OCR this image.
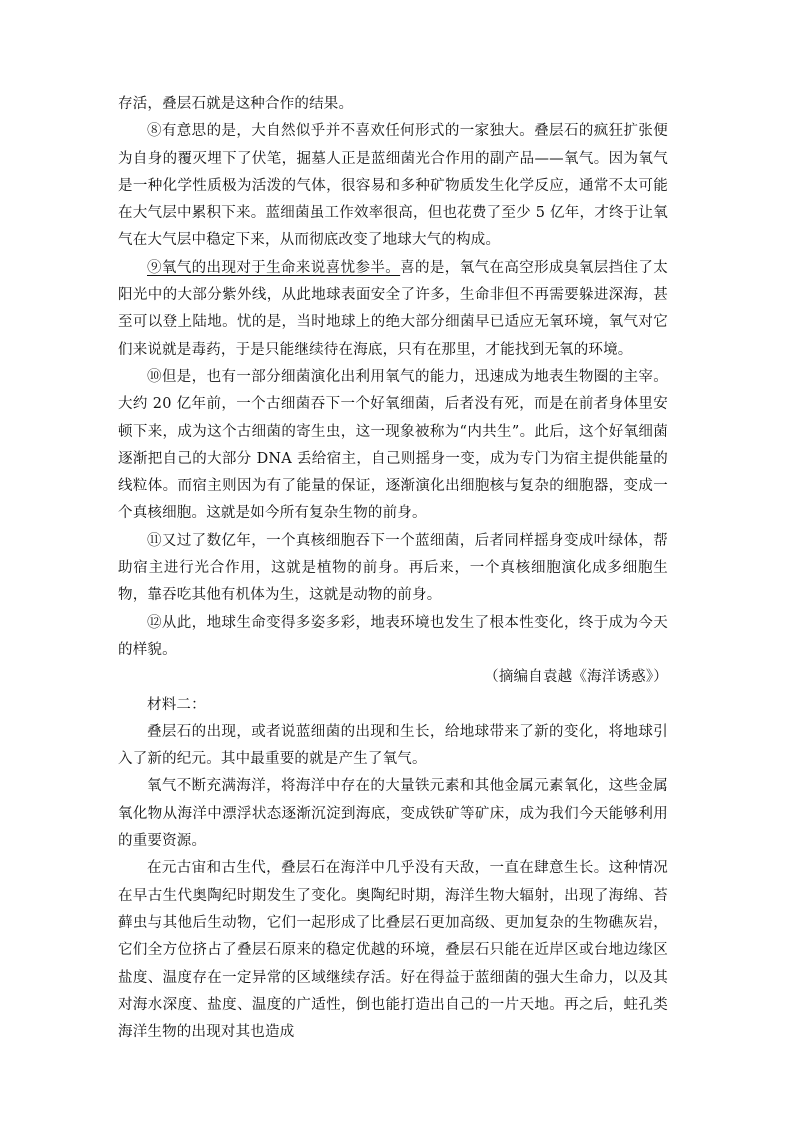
存活，叠层石就是这种合作的结果。

⑧有意思的是，大自然似乎并不喜欢任何形式的一家独大。叠层石的疯狂扩张便为自身的覆灭埋下了伏笔，掘墓人正是蓝细菌光合作用的副产品——氧气。因为氧气是一种化学性质极为活泼的气体，很容易和多种矿物质发生化学反应，通常不太可能在大气层中累积下来。蓝细菌虽工作效率很高，但也花费了至少 5 亿年，才终于让氧气在大气层中稳定下来，从而彻底改变了地球大气的构成。

⑨氧气的出现对于生命来说喜忧参半。喜的是，氧气在高空形成臭氧层挡住了太阳光中的大部分紫外线，从此地球表面安全了许多，生命非但不再需要躲进深海，甚至可以登上陆地。忧的是，当时地球上的绝大部分细菌早已适应无氧环境，氧气对它们来说就是毒药，于是只能继续待在海底，只有在那里，才能找到无氧的环境。

⑩但是，也有一部分细菌演化出利用氧气的能力，迅速成为地表生物圈的主宰。大约 20 亿年前，一个古细菌吞下一个好氧细菌，后者没有死，而是在前者身体里安顿下来，成为这个古细菌的寄生虫，这一现象被称为“内共生”。此后，这个好氧细菌逐渐把自己的大部分 DNA 丢给宿主，自己则摇身一变，成为专门为宿主提供能量的线粒体。而宿主则因为有了能量的保证，逐渐演化出细胞核与复杂的细胞器，变成一个真核细胞。这就是如今所有复杂生物的前身。

⑪又过了数亿年，一个真核细胞吞下一个蓝细菌，后者同样摇身变成叶绿体，帮助宿主进行光合作用，这就是植物的前身。再后来，一个真核细胞演化成多细胞生物，靠吞吃其他有机体为生，这就是动物的前身。

⑫从此，地球生命变得多姿多彩，地表环境也发生了根本性变化，终于成为今天的样貌。

（摘编自袁越《海洋诱惑》）

材料二：

叠层石的出现，或者说蓝细菌的出现和生长，给地球带来了新的变化，将地球引入了新的纪元。其中最重要的就是产生了氧气。

氧气不断充满海洋，将海洋中存在的大量铁元素和其他金属元素氧化，这些金属氧化物从海洋中漂浮状态逐渐沉淀到海底，变成铁矿等矿床，成为我们今天能够利用的重要资源。

在元古宙和古生代，叠层石在海洋中几乎没有天敌，一直在肆意生长。这种情况在早古生代奥陶纪时期发生了变化。奥陶纪时期，海洋生物大辐射，出现了海绵、苔藓虫与其他后生动物，它们一起形成了比叠层石更加高级、更加复杂的生物礁灰岩，它们全方位挤占了叠层石原来的稳定优越的环境，叠层石只能在近岸区或台地边缘区盐度、温度存在一定异常的区域继续存活。好在得益于蓝细菌的强大生命力，以及其对海水深度、盐度、温度的广适性，倒也能打造出自己的一片天地。再之后，蛀孔类海洋生物的出现对其也造成
